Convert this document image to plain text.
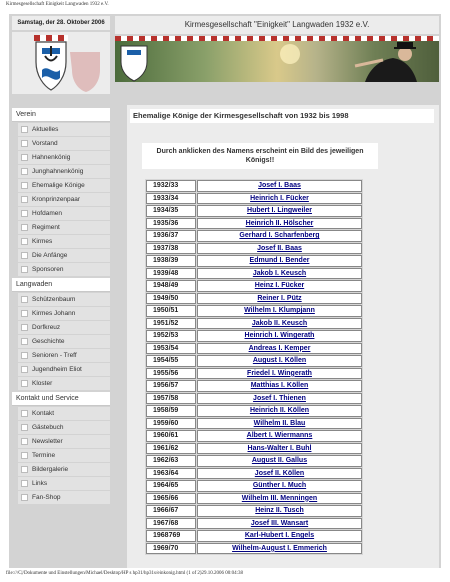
Kirmesgesellschaft Einigkeit Langwaden 1932 e.V.
Samstag, der 28. Oktober 2006	Kirmesgesellschaft "Einigkeit" Langwaden 1932 e.V.
Verein
Aktuelles
Vorstand
Hahnenkönig
Junghahnenkönig
Ehemalige Könige
Kronprinzenpaar
Hofdamen
Regiment
Kirmes
Die Anfänge
Sponsoren
Langwaden
Schützenbaum
Kirmes Johann
Dorfkreuz
Geschichte
Senioren - Treff
Jugendheim Eliot
Kloster
Kontakt und Service
Kontakt
Gästebuch
Newsletter
Termine
Bildergalerie
Links
Fan-Shop
Ehemalige Könige der Kirmesgesellschaft von 1932 bis 1998
Durch anklicken des Namens erscheint ein Bild des jeweiligen Königs!!
1932/33	Josef I. Baas
1933/34	Heinrich I. Fücker
1934/35	Hubert I. Lingweiler
1935/36	Heinrich II. Hölscher
1936/37	Gerhard I. Scharfenberg
1937/38	Josef II. Baas
1938/39	Edmund I. Bender
1939/48	Jakob I. Keusch
1948/49	Heinz I. Fücker
1949/50	Reiner I. Pütz
1950/51	Wilhelm I. Klumpjann
1951/52	Jakob II. Keusch
1952/53	Heinrich I. Wingerath
1953/54	Andreas I. Kemper
1954/55	August I. Köllen
1955/56	Friedel I. Wingerath
1956/57	Matthias I. Köllen
1957/58	Josef I. Thienen
1958/59	Heinrich II. Köllen
1959/60	Wilhelm II. Blau
1960/61	Albert I. Wiermanns
1961/62	Hans-Walter I. Buhl
1962/63	August II. Gallus
1963/64	Josef II. Köllen
1964/65	Günther I. Much
1965/66	Wilhelm III. Menningen
1966/67	Heinz II. Tusch
1967/68	Josef III. Wansart
1968769	Karl-Hubert I. Engels
1969/70	Wilhelm-August I. Emmerich
file:///C|/Dokumente und Einstellungen/Michael/Desktop/HP s hp31/hp31s/einkonig.html (1 of 2)29.10.2006 00:04:38
